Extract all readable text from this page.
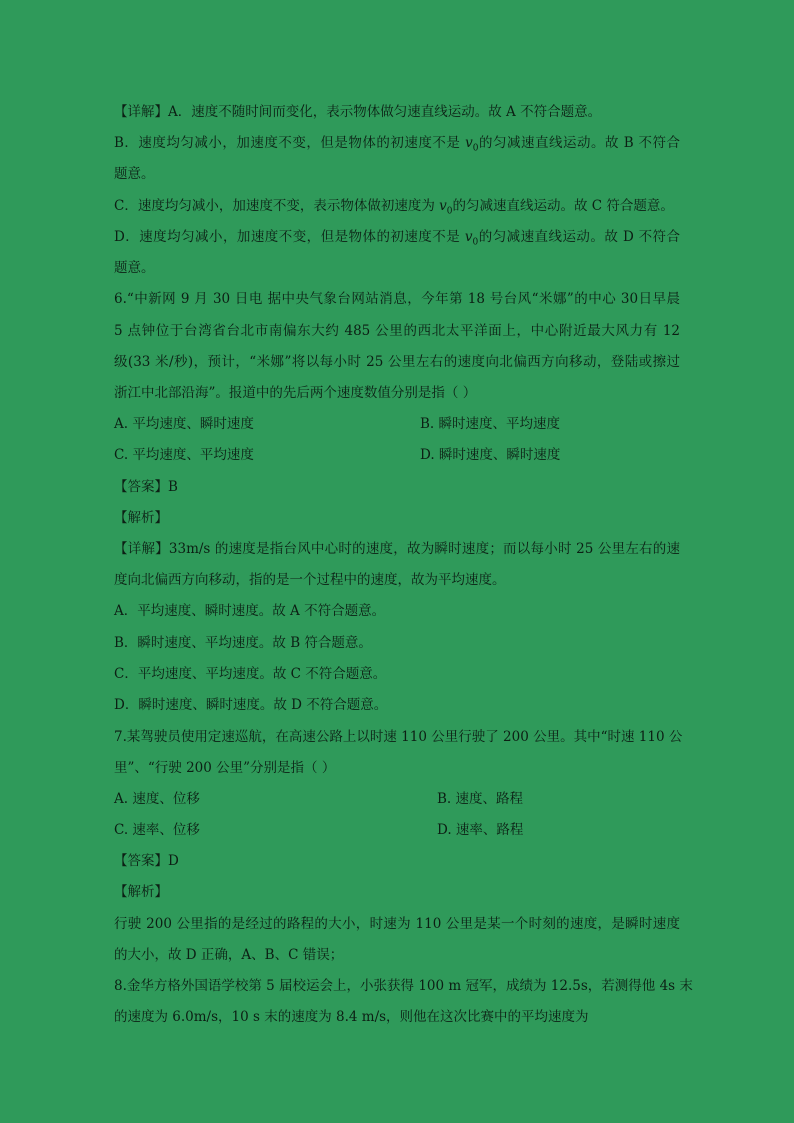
【详解】A．速度不随时间而变化，表示物体做匀速直线运动。故 A 不符合题意。
B．速度均匀减小，加速度不变，但是物体的初速度不是 $v_0$的匀减速直线运动。故 B 不符合
题意。
C．速度均匀减小，加速度不变，表示物体做初速度为 $v_0$的匀减速直线运动。故 C 符合题意。
D．速度均匀减小，加速度不变，但是物体的初速度不是 $v_0$的匀减速直线运动。故 D 不符合
题意。
6.“中新网 9 月 30 日电 据中央气象台网站消息，今年第 18 号台风“米娜”的中心 30日早晨
5 点钟位于台湾省台北市南偏东大约 485 公里的西北太平洋面上，中心附近最大风力有 12
级(33 米/秒)，预计，“米娜”将以每小时 25 公里左右的速度向北偏西方向移动，登陆或擦过
浙江中北部沿海”。报道中的先后两个速度数值分别是指（ ）
A. 平均速度、瞬时速度	B. 瞬时速度、平均速度
C. 平均速度、平均速度	D. 瞬时速度、瞬时速度
【答案】B
【解析】
【详解】33m/s 的速度是指台风中心时的速度，故为瞬时速度；而以每小时 25 公里左右的速
度向北偏西方向移动，指的是一个过程中的速度，故为平均速度。
A．平均速度、瞬时速度。故 A 不符合题意。
B．瞬时速度、平均速度。故 B 符合题意。
C．平均速度、平均速度。故 C 不符合题意。
D．瞬时速度、瞬时速度。故 D 不符合题意。
7.某驾驶员使用定速巡航，在高速公路上以时速 110 公里行驶了 200 公里。其中“时速 110 公
里”、“行驶 200 公里”分别是指（ ）
A. 速度、位移	B. 速度、路程
C. 速率、位移	D. 速率、路程
【答案】D
【解析】
行驶 200 公里指的是经过的路程的大小，时速为 110 公里是某一个时刻的速度，是瞬时速度
的大小，故 D 正确，A、B、C 错误；
8.金华方格外国语学校第 5 届校运会上，小张获得 100 m 冠军，成绩为 12.5s，若测得他 4s 末
的速度为 6.0m/s，10 s 末的速度为 8.4 m/s，则他在这次比赛中的平均速度为
